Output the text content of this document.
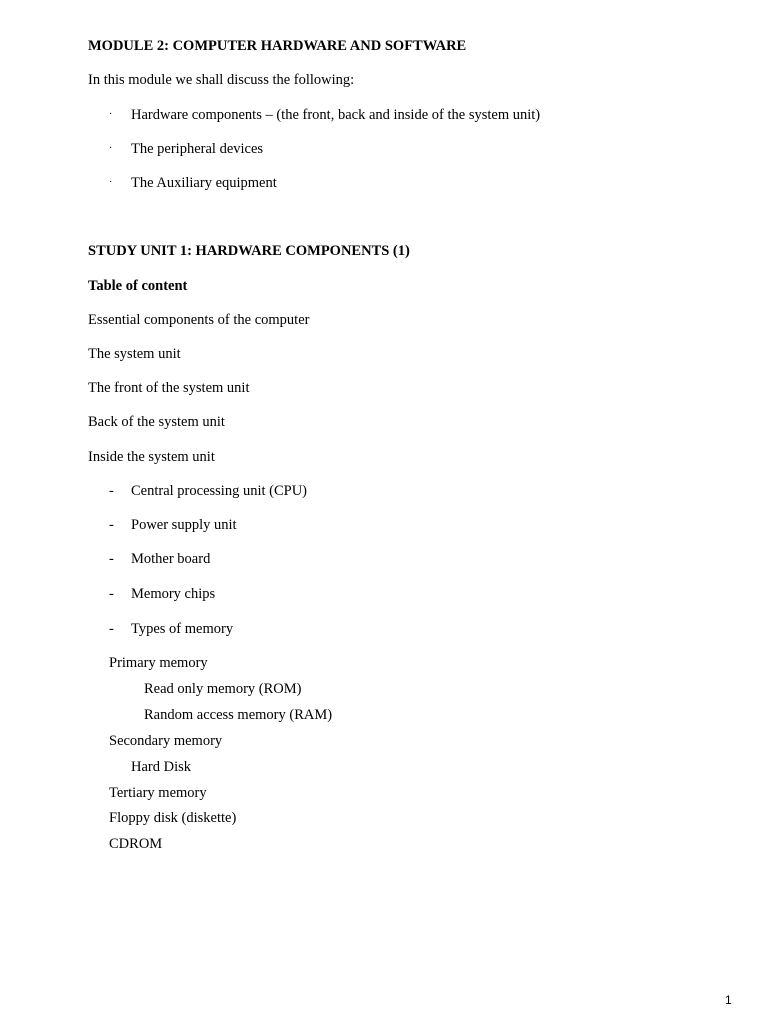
MODULE 2: COMPUTER HARDWARE AND SOFTWARE
In this module we shall discuss the following:
· Hardware components – (the front, back and inside of the system unit)
· The peripheral devices
· The Auxiliary equipment
STUDY UNIT 1: HARDWARE COMPONENTS (1)
Table of content
Essential components of the computer
The system unit
The front of the system unit
Back of the system unit
Inside the system unit
- Central processing unit (CPU)
- Power supply unit
- Mother board
- Memory chips
- Types of memory
Primary memory
Read only memory (ROM)
Random access memory (RAM)
Secondary memory
Hard Disk
Tertiary memory
Floppy disk (diskette)
CDROM
1
